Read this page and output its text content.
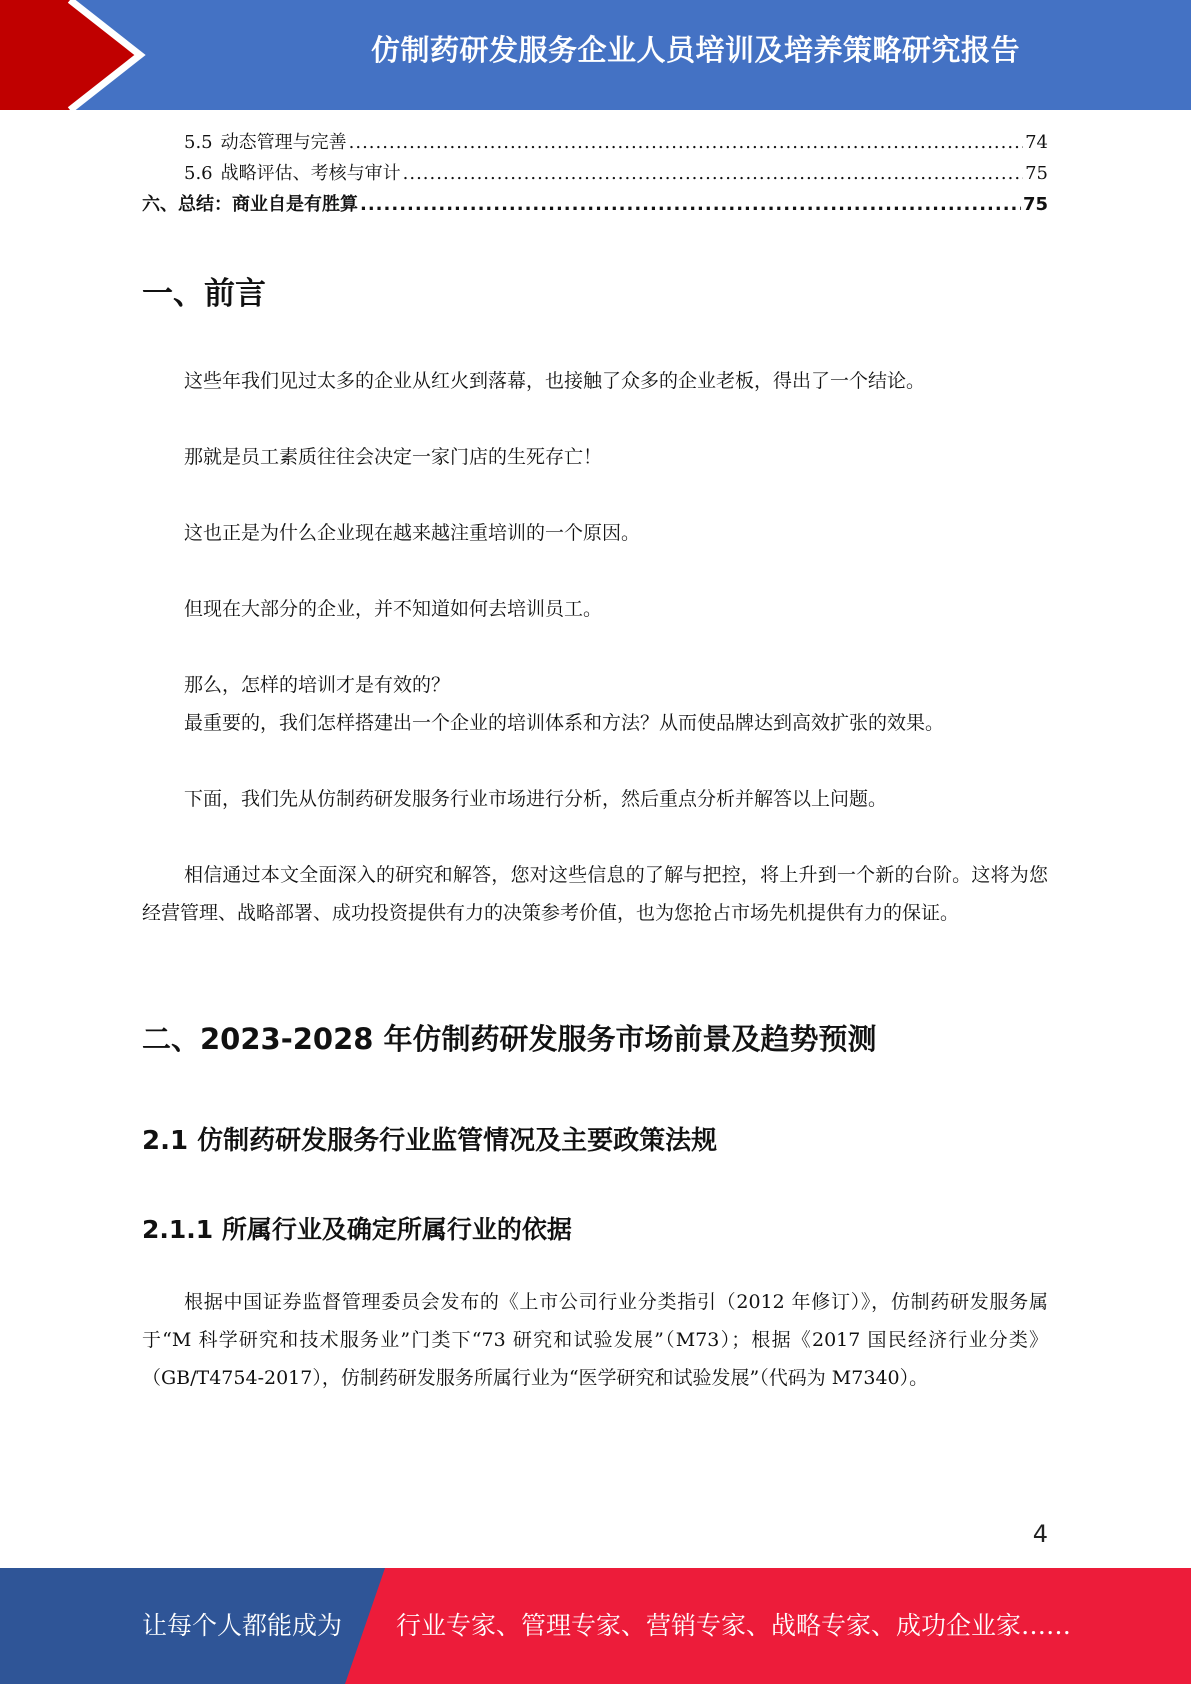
仿制药研发服务企业人员培训及培养策略研究报告
5.5 动态管理与完善 .....	74
5.6 战略评估、考核与审计 .....	75
六、总结：商业自是有胜算 .....	75
一、前言

这些年我们见过太多的企业从红火到落幕，也接触了众多的企业老板，得出了一个结论。

那就是员工素质往往会决定一家门店的生死存亡！

这也正是为什么企业现在越来越注重培训的一个原因。

但现在大部分的企业，并不知道如何去培训员工。

那么，怎样的培训才是有效的？

最重要的，我们怎样搭建出一个企业的培训体系和方法？从而使品牌达到高效扩张的效果。

下面，我们先从仿制药研发服务行业市场进行分析，然后重点分析并解答以上问题。

相信通过本文全面深入的研究和解答，您对这些信息的了解与把控，将上升到一个新的台阶。这将为您经营管理、战略部署、成功投资提供有力的决策参考价值，也为您抢占市场先机提供有力的保证。

二、2023-2028 年仿制药研发服务市场前景及趋势预测
2.1 仿制药研发服务行业监管情况及主要政策法规
2.1.1 所属行业及确定所属行业的依据

根据中国证券监督管理委员会发布的《上市公司行业分类指引（2012 年修订）》，仿制药研发服务属于“M 科学研究和技术服务业”门类下“73 研究和试验发展”（M73）；根据《2017 国民经济行业分类》（GB/T4754-2017），仿制药研发服务所属行业为“医学研究和试验发展”（代码为 M7340）。

4
让每个人都能成为 行业专家、管理专家、营销专家、战略专家、成功企业家……
